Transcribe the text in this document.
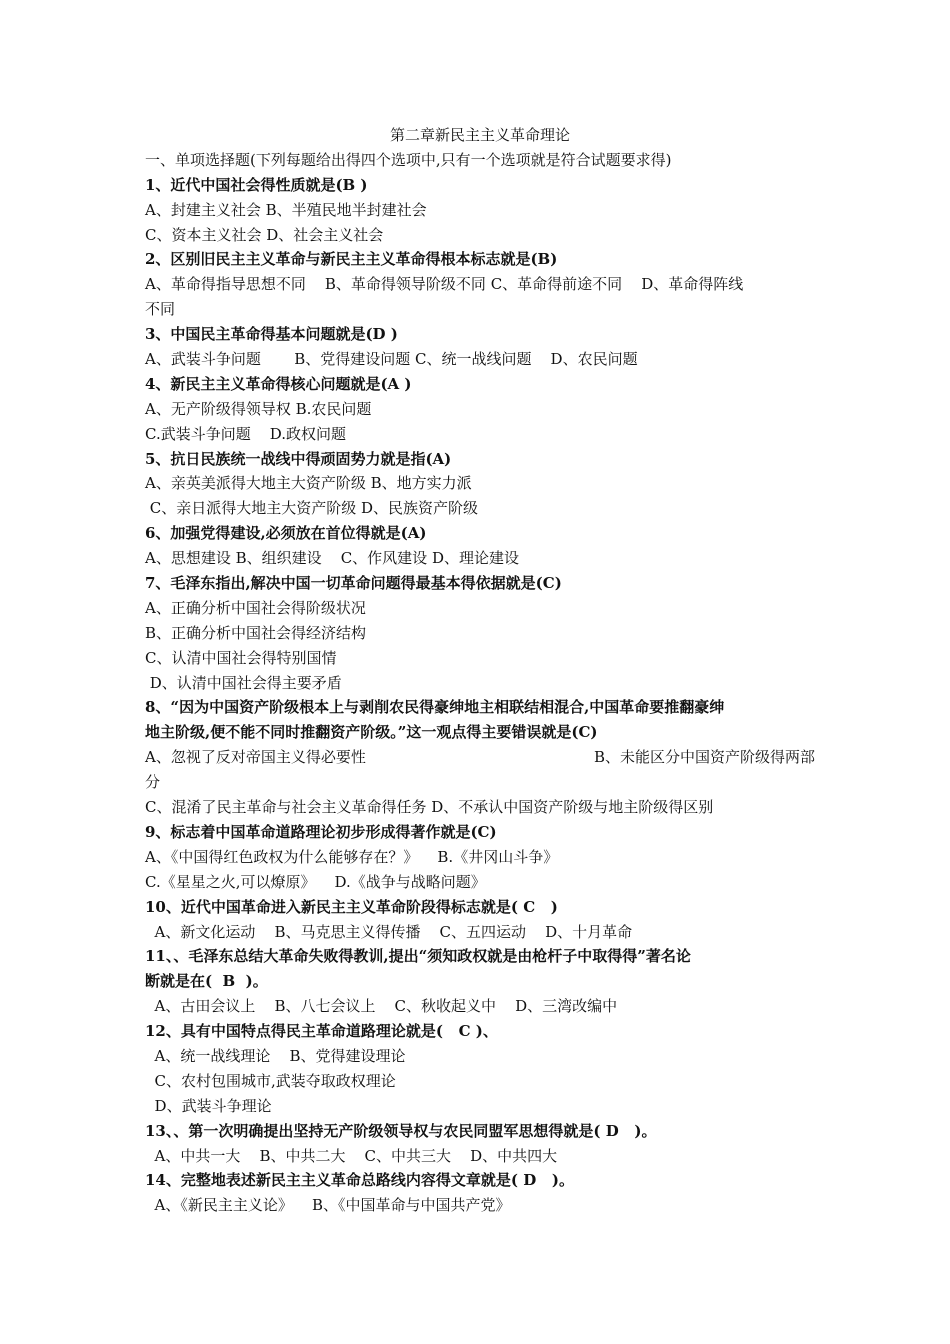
第二章新民主主义革命理论
一、单项选择题(下列每题给出得四个选项中,只有一个选项就是符合试题要求得)
1、近代中国社会得性质就是(B )
A、封建主义社会 B、半殖民地半封建社会
C、资本主义社会 D、社会主义社会
2、区别旧民主主义革命与新民主主义革命得根本标志就是(B)
A、革命得指导思想不同    B、革命得领导阶级不同 C、革命得前途不同    D、革命得阵线
不同
3、中国民主革命得基本问题就是(D )
A、武装斗争问题       B、党得建设问题 C、统一战线问题    D、农民问题
4、新民主主义革命得核心问题就是(A )
A、无产阶级得领导权 B.农民问题
C.武装斗争问题    D.政权问题
5、抗日民族统一战线中得顽固势力就是指(A)
A、亲英美派得大地主大资产阶级 B、地方实力派
C、亲日派得大地主大资产阶级 D、民族资产阶级
6、加强党得建设,必须放在首位得就是(A)
A、思想建设 B、组织建设    C、作风建设 D、理论建设
7、毛泽东指出,解决中国一切革命问题得最基本得依据就是(C)
A、正确分析中国社会得阶级状况
B、正确分析中国社会得经济结构
C、认清中国社会得特别国情
D、认清中国社会得主要矛盾
8、“因为中国资产阶级根本上与剥削农民得豪绅地主相联结相混合,中国革命要推翻豪绅
地主阶级,便不能不同时推翻资产阶级。”这一观点得主要错误就是(C)
A、忽视了反对帝国主义得必要性	B、未能区分中国资产阶级得两部
分
C、混淆了民主革命与社会主义革命得任务 D、不承认中国资产阶级与地主阶级得区别
9、标志着中国革命道路理论初步形成得著作就是(C)
A、《中国得红色政权为什么能够存在？》    B.《井冈山斗争》
C.《星星之火,可以燎原》    D.《战争与战略问题》
10、近代中国革命进入新民主主义革命阶段得标志就是( C   )
A、新文化运动    B、马克思主义得传播    C、五四运动    D、十月革命
11、、毛泽东总结大革命失败得教训,提出“须知政权就是由枪杆子中取得得”著名论
断就是在(  B  )。
A、古田会议上    B、八七会议上    C、秋收起义中    D、三湾改编中
12、具有中国特点得民主革命道路理论就是(   C )、
A、统一战线理论    B、党得建设理论
C、农村包围城市,武装夺取政权理论
D、武装斗争理论
13、、第一次明确提出坚持无产阶级领导权与农民同盟军思想得就是( D   )。
A、中共一大    B、中共二大    C、中共三大    D、中共四大
14、完整地表述新民主主义革命总路线内容得文章就是( D   )。
A、《新民主主义论》    B、《中国革命与中国共产党》
